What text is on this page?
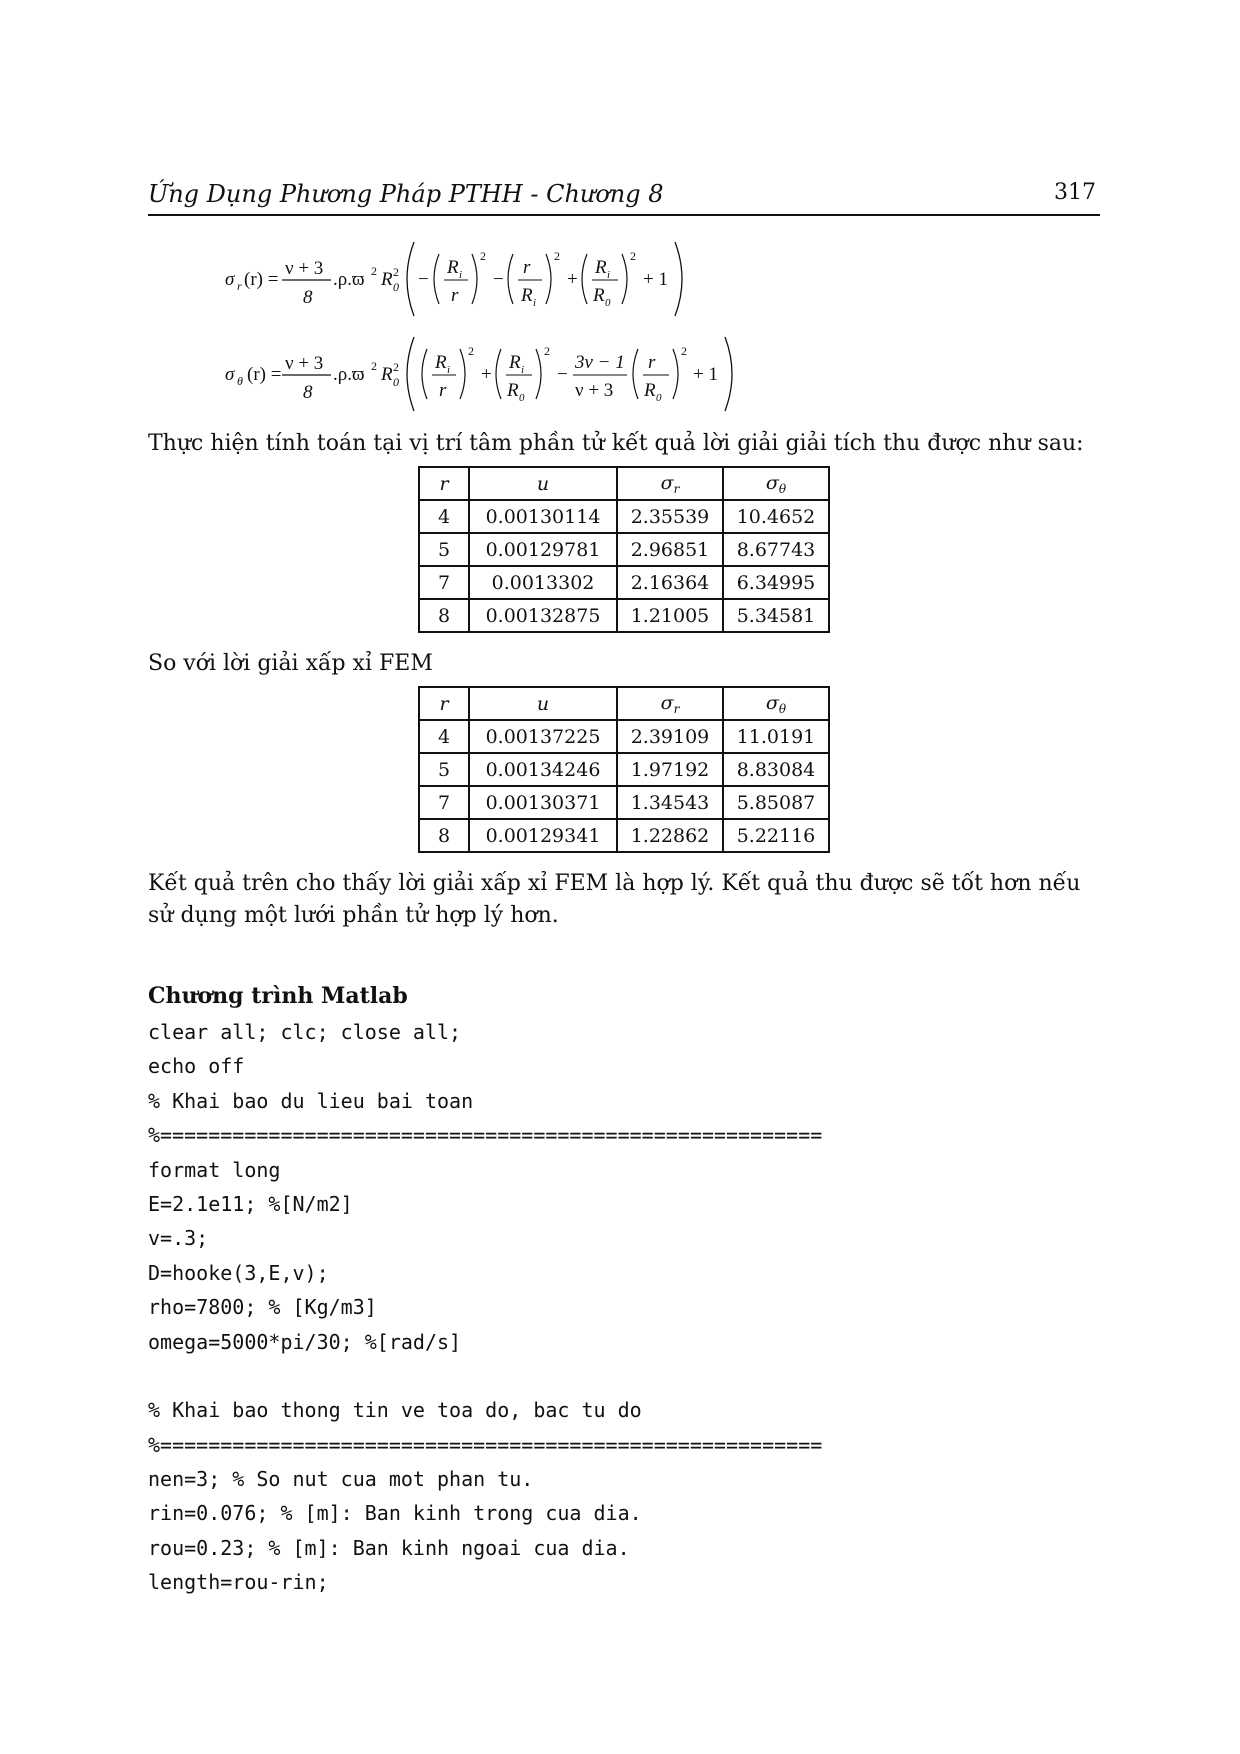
Ứng Dụng Phương Pháp PTHH - Chương 8	317
σ r (r) =
ν + 3
8
.ρ.ϖ 2 R 2
0 −
R i
r
2
−
r
R i
2
+
R i
R 0
2
+ 1
σ θ (r) =
ν + 3
8
.ρ.ϖ 2 R 2
0
R i
r
2
+
R i
R 0
2
−
3ν − 1
ν + 3
r
R 0
2
+ 1
Thực hiện tính toán tại vị trí tâm phần tử kết quả lời giải giải tích thu được như sau:
r	u	$\sigma_r$	$\sigma_\theta$
4	0.00130114	2.35539	10.4652
5	0.00129781	2.96851	8.67743
7	0.0013302	2.16364	6.34995
8	0.00132875	1.21005	5.34581
So với lời giải xấp xỉ FEM
r	u	$\sigma_r$	$\sigma_\theta$
4	0.00137225	2.39109	11.0191
5	0.00134246	1.97192	8.83084
7	0.00130371	1.34543	5.85087
8	0.00129341	1.22862	5.22116
Kết quả trên cho thấy lời giải xấp xỉ FEM là hợp lý. Kết quả thu được sẽ tốt hơn nếu sử dụng một lưới phần tử hợp lý hơn.
Chương trình Matlab
clear all; clc; close all;
echo off
% Khai bao du lieu bai toan
%=======================================================
format long
E=2.1e11; %[N/m2]
v=.3;
D=hooke(3,E,v);
rho=7800; % [Kg/m3]
omega=5000*pi/30; %[rad/s]
% Khai bao thong tin ve toa do, bac tu do
%=======================================================
nen=3; % So nut cua mot phan tu.
rin=0.076; % [m]: Ban kinh trong cua dia.
rou=0.23; % [m]: Ban kinh ngoai cua dia.
length=rou-rin;
